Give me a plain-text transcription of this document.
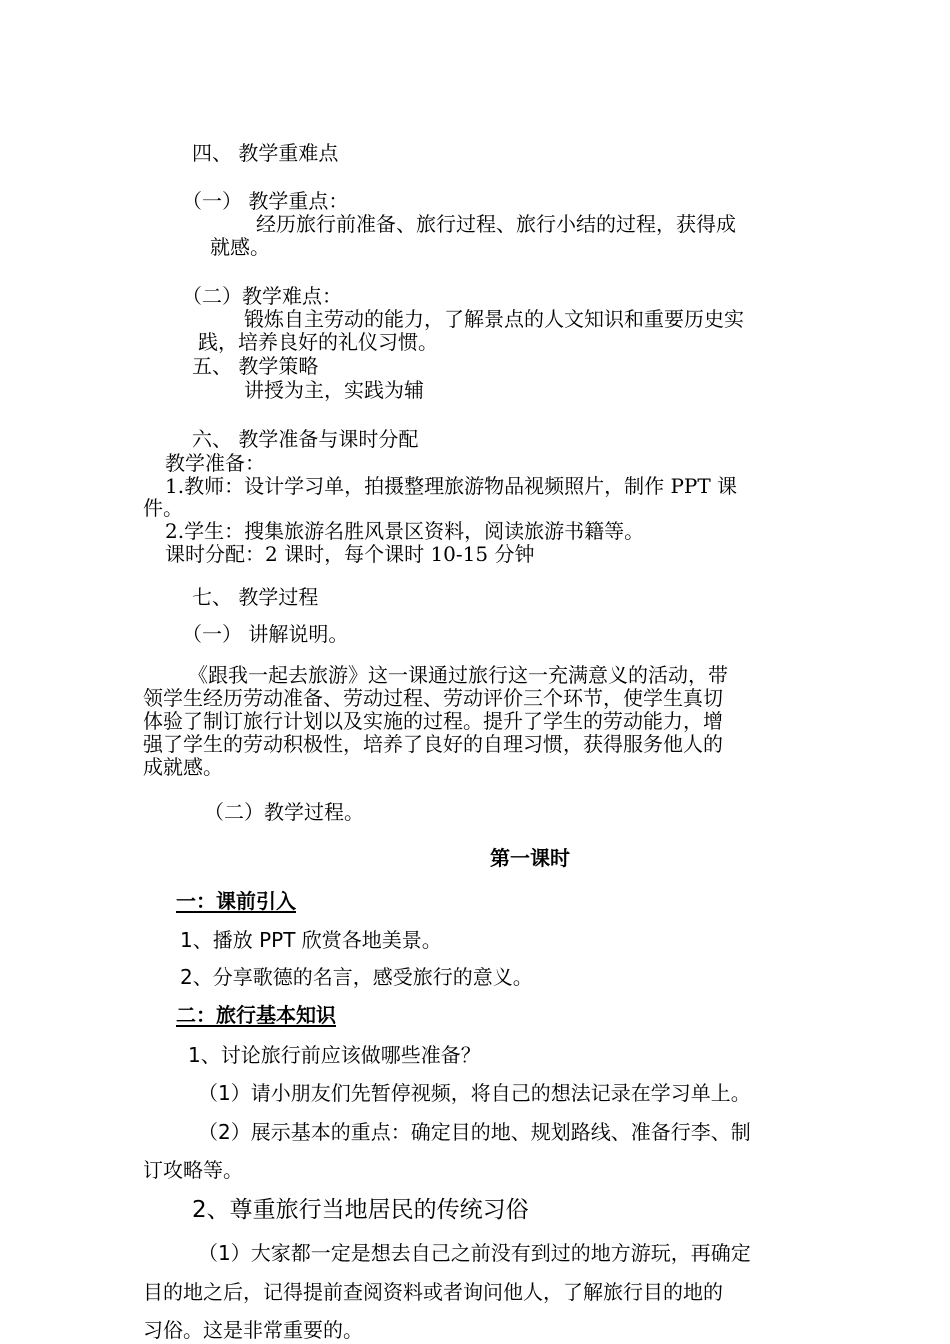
四、 教学重难点
（一） 教学重点：
经历旅行前准备、旅行过程、旅行小结的过程，获得成
就感。
（二）教学难点：
锻炼自主劳动的能力，了解景点的人文知识和重要历史实
践，培养良好的礼仪习惯。
五、 教学策略
讲授为主，实践为辅
六、 教学准备与课时分配
教学准备：
1.教师：设计学习单，拍摄整理旅游物品视频照片，制作 PPT 课
件。
2.学生：搜集旅游名胜风景区资料，阅读旅游书籍等。
课时分配：2 课时，每个课时 10-15 分钟
七、 教学过程
（一） 讲解说明。
《跟我一起去旅游》这一课通过旅行这一充满意义的活动，带
领学生经历劳动准备、劳动过程、劳动评价三个环节，使学生真切
体验了制订旅行计划以及实施的过程。提升了学生的劳动能力，增
强了学生的劳动积极性，培养了良好的自理习惯，获得服务他人的
成就感。
（二）教学过程。
第一课时
一：课前引入
1、播放 PPT 欣赏各地美景。
2、分享歌德的名言，感受旅行的意义。
二：旅行基本知识
1、讨论旅行前应该做哪些准备？
（1）请小朋友们先暂停视频，将自己的想法记录在学习单上。
（2）展示基本的重点：确定目的地、规划路线、准备行李、制
订攻略等。
2、尊重旅行当地居民的传统习俗
（1）大家都一定是想去自己之前没有到过的地方游玩，再确定
目的地之后，记得提前查阅资料或者询问他人，了解旅行目的地的
习俗。这是非常重要的。
